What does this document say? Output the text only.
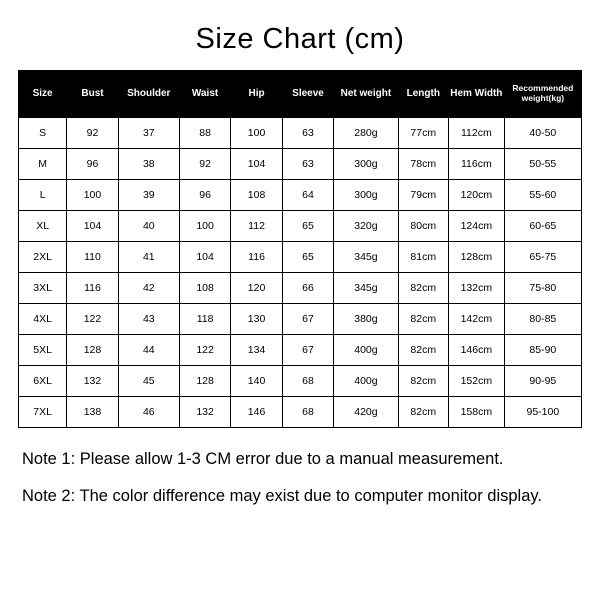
Size Chart (cm)
Size	Bust	Shoulder	Waist	Hip	Sleeve	Net weight	Length	Hem Width	Recommended weight(kg)
S	92	37	88	100	63	280g	77cm	112cm	40-50
M	96	38	92	104	63	300g	78cm	116cm	50-55
L	100	39	96	108	64	300g	79cm	120cm	55-60
XL	104	40	100	112	65	320g	80cm	124cm	60-65
2XL	110	41	104	116	65	345g	81cm	128cm	65-75
3XL	116	42	108	120	66	345g	82cm	132cm	75-80
4XL	122	43	118	130	67	380g	82cm	142cm	80-85
5XL	128	44	122	134	67	400g	82cm	146cm	85-90
6XL	132	45	128	140	68	400g	82cm	152cm	90-95
7XL	138	46	132	146	68	420g	82cm	158cm	95-100
Note 1: Please allow 1-3 CM error due to a manual measurement.
Note 2: The color difference may exist due to computer monitor display.
